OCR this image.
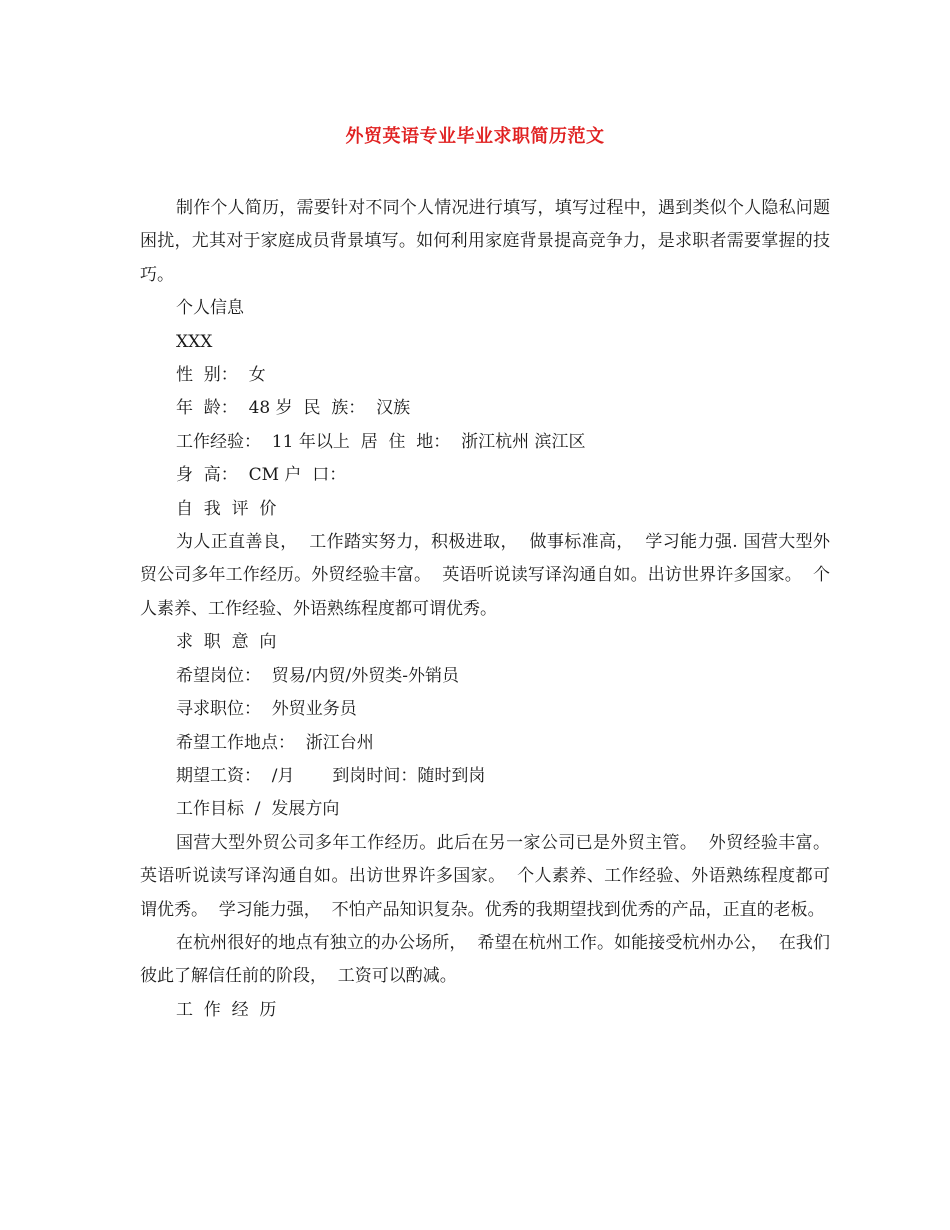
外贸英语专业毕业求职简历范文

制作个人简历，需要针对不同个人情况进行填写，填写过程中，遇到类似个人隐私问题困扰，尤其对于家庭成员背景填写。如何利用家庭背景提高竞争力，是求职者需要掌握的技巧。

个人信息

XXX

性  别：  女

年  龄：  48 岁  民  族：  汉族

工作经验：  11 年以上  居  住  地：  浙江杭州 滨江区

身  高：  CM 户  口：

自  我  评  价

为人正直善良，  工作踏实努力，积极进取，  做事标准高，  学习能力强. 国营大型外贸公司多年工作经历。外贸经验丰富。  英语听说读写译沟通自如。出访世界许多国家。  个人素养、工作经验、外语熟练程度都可谓优秀。

求  职  意  向

希望岗位：  贸易/内贸/外贸类-外销员

寻求职位：  外贸业务员

希望工作地点：  浙江台州

期望工资：  /月       到岗时间：随时到岗

工作目标  /  发展方向

国营大型外贸公司多年工作经历。此后在另一家公司已是外贸主管。  外贸经验丰富。  英语听说读写译沟通自如。出访世界许多国家。  个人素养、工作经验、外语熟练程度都可谓优秀。  学习能力强，  不怕产品知识复杂。优秀的我期望找到优秀的产品，正直的老板。

在杭州很好的地点有独立的办公场所，  希望在杭州工作。如能接受杭州办公，  在我们彼此了解信任前的阶段，  工资可以酌减。

工  作  经  历
